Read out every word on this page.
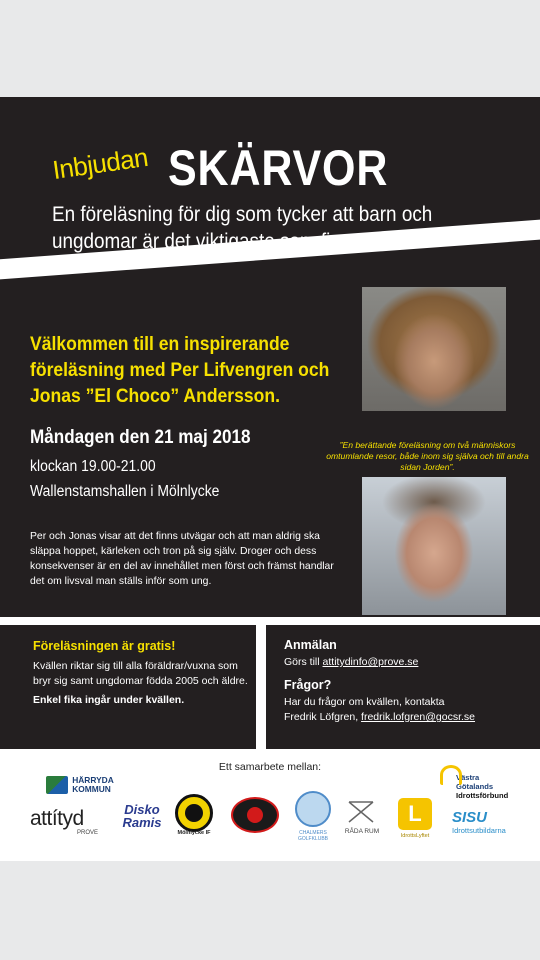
Inbjudan SKÄRVOR
En föreläsning för dig som tycker att barn och ungdomar är det viktigaste som finns!
Välkommen till en inspirerande föreläsning med Per Lifvengren och Jonas ”El Choco” Andersson.
Måndagen den 21 maj 2018
klockan 19.00-21.00
Wallenstamshallen i Mölnlycke
Per och Jonas visar att det finns utvägar och att man aldrig ska släppa hoppet, kärleken och tron på sig själv. Droger och dess konsekvenser är en del av innehållet men först och främst handlar det om livsval man ställs inför som ung.
”En berättande föreläsning om två människors omtumlande resor, både inom sig själva och till andra sidan Jorden”.
Föreläsningen är gratis!
Kvällen riktar sig till alla föräldrar/vuxna som bryr sig samt ungdomar födda 2005 och äldre.
Enkel fika ingår under kvällen.
Anmälan
Görs till attitydinfo@prove.se
Frågor?
Har du frågor om kvällen, kontakta
Fredrik Löfgren, fredrik.lofgren@gocsr.se
Ett samarbete mellan:
HÄRRYDA
KOMMUN
attítyd
PROVE
Disko
Ramis
Mölnlycke IF	CHALMERS GOLFKLUBB
RÅDA RUM
L
IdrottsLyftet
Västra Götalands
Idrottsförbund
SISU
Idrottsutbildarna
